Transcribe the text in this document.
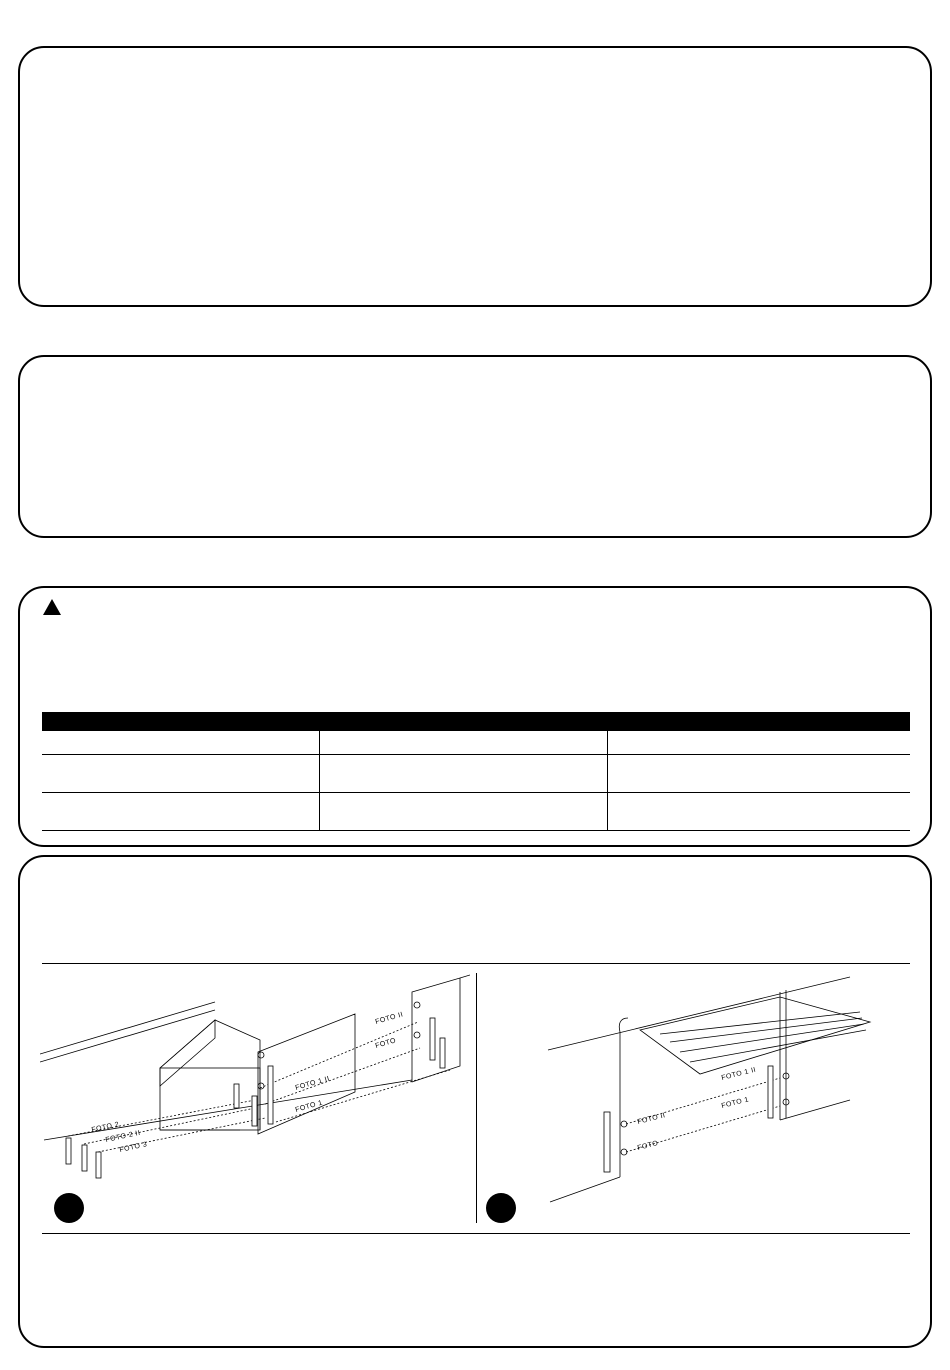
FOTO 2
FOTO 2 II
FOTO 3
FOTO 1 II
FOTO 1
FOTO II
FOTO
FOTO 1 II
FOTO 1
FOTO II
FOTO
